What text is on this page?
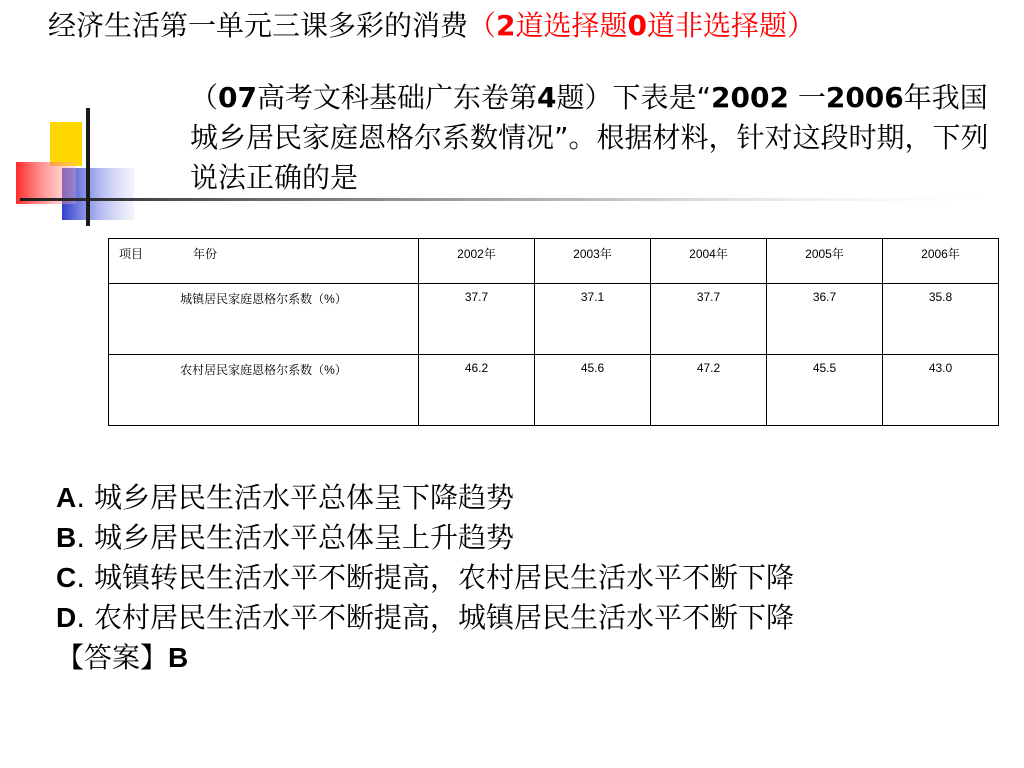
经济生活第一单元三课多彩的消费（2道选择题0道非选择题）
（07高考文科基础广东卷第4题）下表是“2002 一2006年我国城乡居民家庭恩格尔系数情况”。根据材料，针对这段时期，下列说法正确的是
项目 年份	2002年	2003年	2004年	2005年	2006年
城镇居民家庭恩格尔系数（%）	37.7	37.1	37.7	36.7	35.8
农村居民家庭恩格尔系数（%）	46.2	45.6	47.2	45.5	43.0
A. 城乡居民生活水平总体呈下降趋势
B. 城乡居民生活水平总体呈上升趋势
C. 城镇转民生活水平不断提高，农村居民生活水平不断下降
D. 农村居民生活水平不断提高，城镇居民生活水平不断下降
【答案】B
